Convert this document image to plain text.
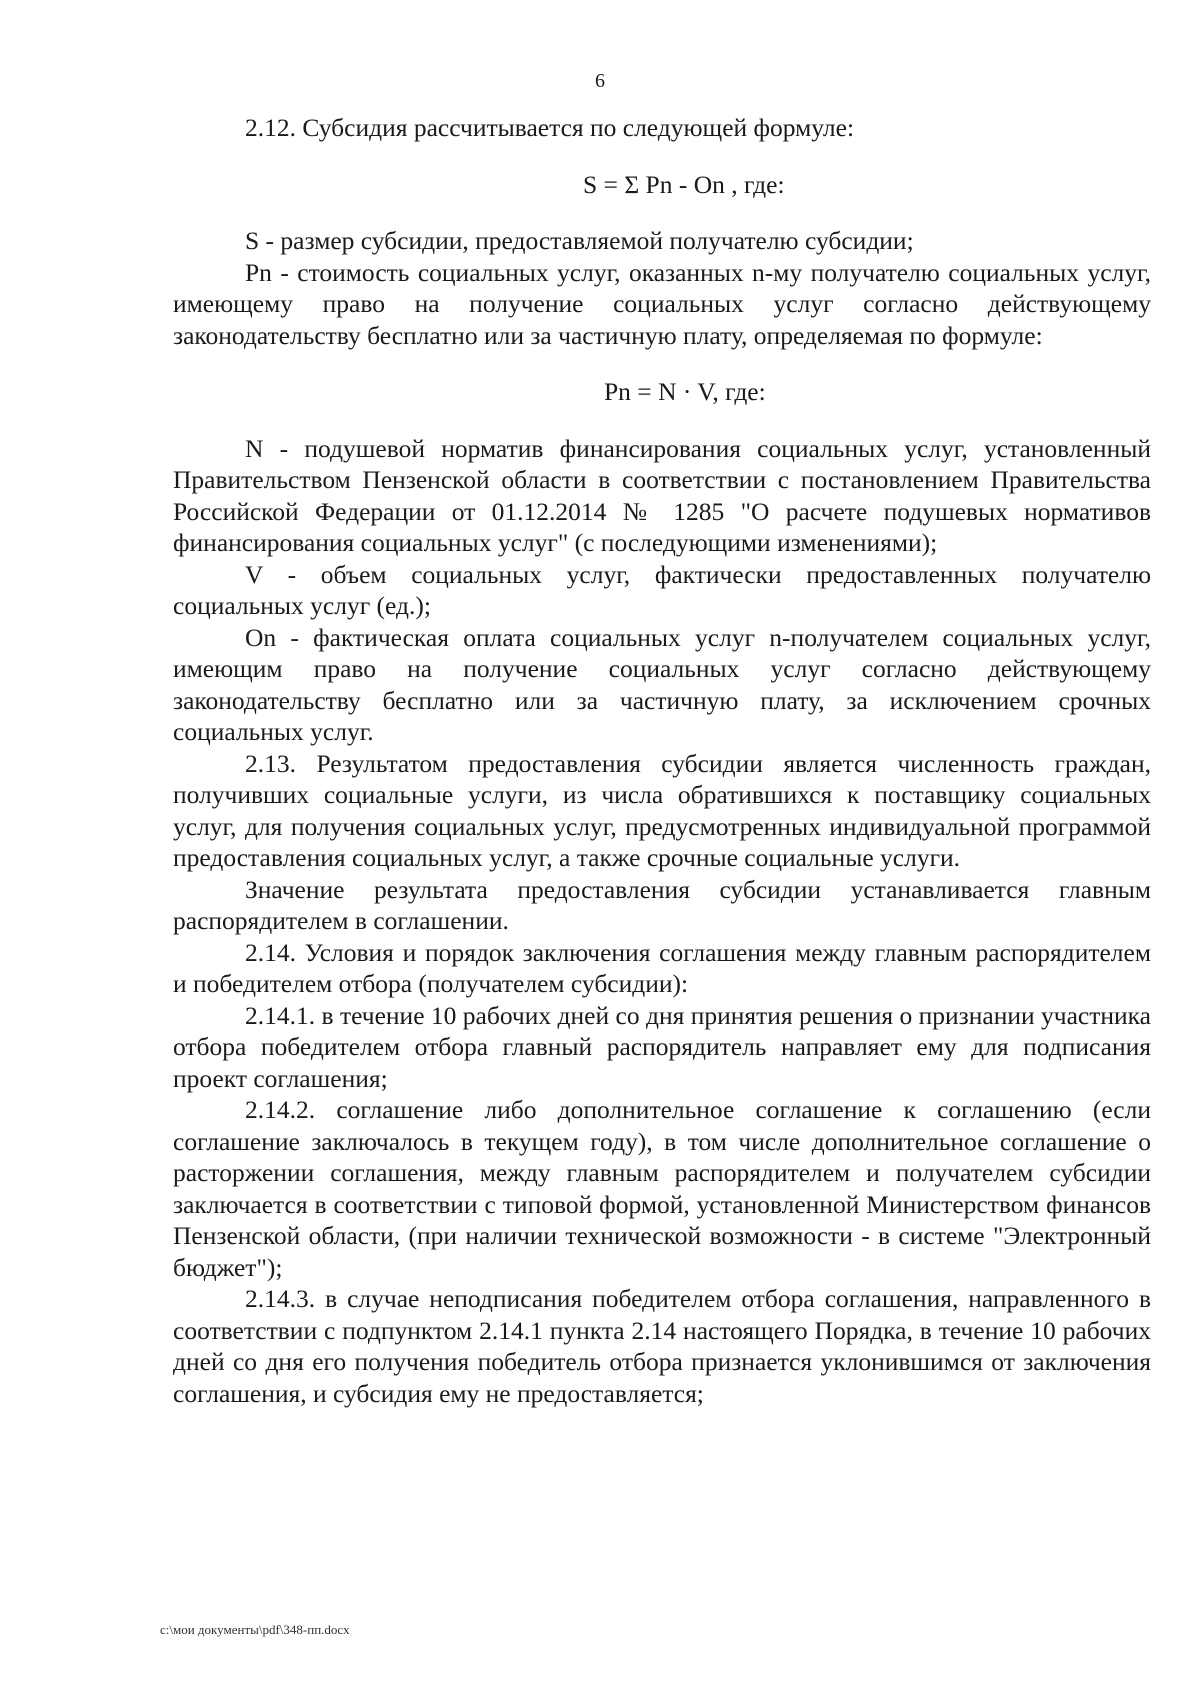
6

2.12. Субсидия рассчитывается по следующей формуле:

S = Σ Pn - On , где:

S - размер субсидии, предоставляемой получателю субсидии;

Pn - стоимость социальных услуг, оказанных n-му получателю социальных услуг, имеющему право на получение социальных услуг согласно действующему законодательству бесплатно или за частичную плату, определяемая по формуле:

Pn = N · V, где:

N - подушевой норматив финансирования социальных услуг, установленный Правительством Пензенской области в соответствии с постановлением Правительства Российской Федерации от 01.12.2014 № 1285 "О расчете подушевых нормативов финансирования социальных услуг" (с последующими изменениями);

V - объем социальных услуг, фактически предоставленных получателю социальных услуг (ед.);

On - фактическая оплата социальных услуг n-получателем социальных услуг, имеющим право на получение социальных услуг согласно действующему законодательству бесплатно или за частичную плату, за исключением срочных социальных услуг.

2.13. Результатом предоставления субсидии является численность граждан, получивших социальные услуги, из числа обратившихся к поставщику социальных услуг, для получения социальных услуг, предусмотренных индивидуальной программой предоставления социальных услуг, а также срочные социальные услуги.

Значение результата предоставления субсидии устанавливается главным распорядителем в соглашении.

2.14. Условия и порядок заключения соглашения между главным распорядителем и победителем отбора (получателем субсидии):

2.14.1. в течение 10 рабочих дней со дня принятия решения о признании участника отбора победителем отбора главный распорядитель направляет ему для подписания проект соглашения;

2.14.2. соглашение либо дополнительное соглашение к соглашению (если соглашение заключалось в текущем году), в том числе дополнительное соглашение о расторжении соглашения, между главным распорядителем и получателем субсидии заключается в соответствии с типовой формой, установленной Министерством финансов Пензенской области, (при наличии технической возможности - в системе "Электронный бюджет");

2.14.3. в случае неподписания победителем отбора соглашения, направленного в соответствии с подпунктом 2.14.1 пункта 2.14 настоящего Порядка, в течение 10 рабочих дней со дня его получения победитель отбора признается уклонившимся от заключения соглашения, и субсидия ему не предоставляется;

c:\мои документы\pdf\348-пп.docx
